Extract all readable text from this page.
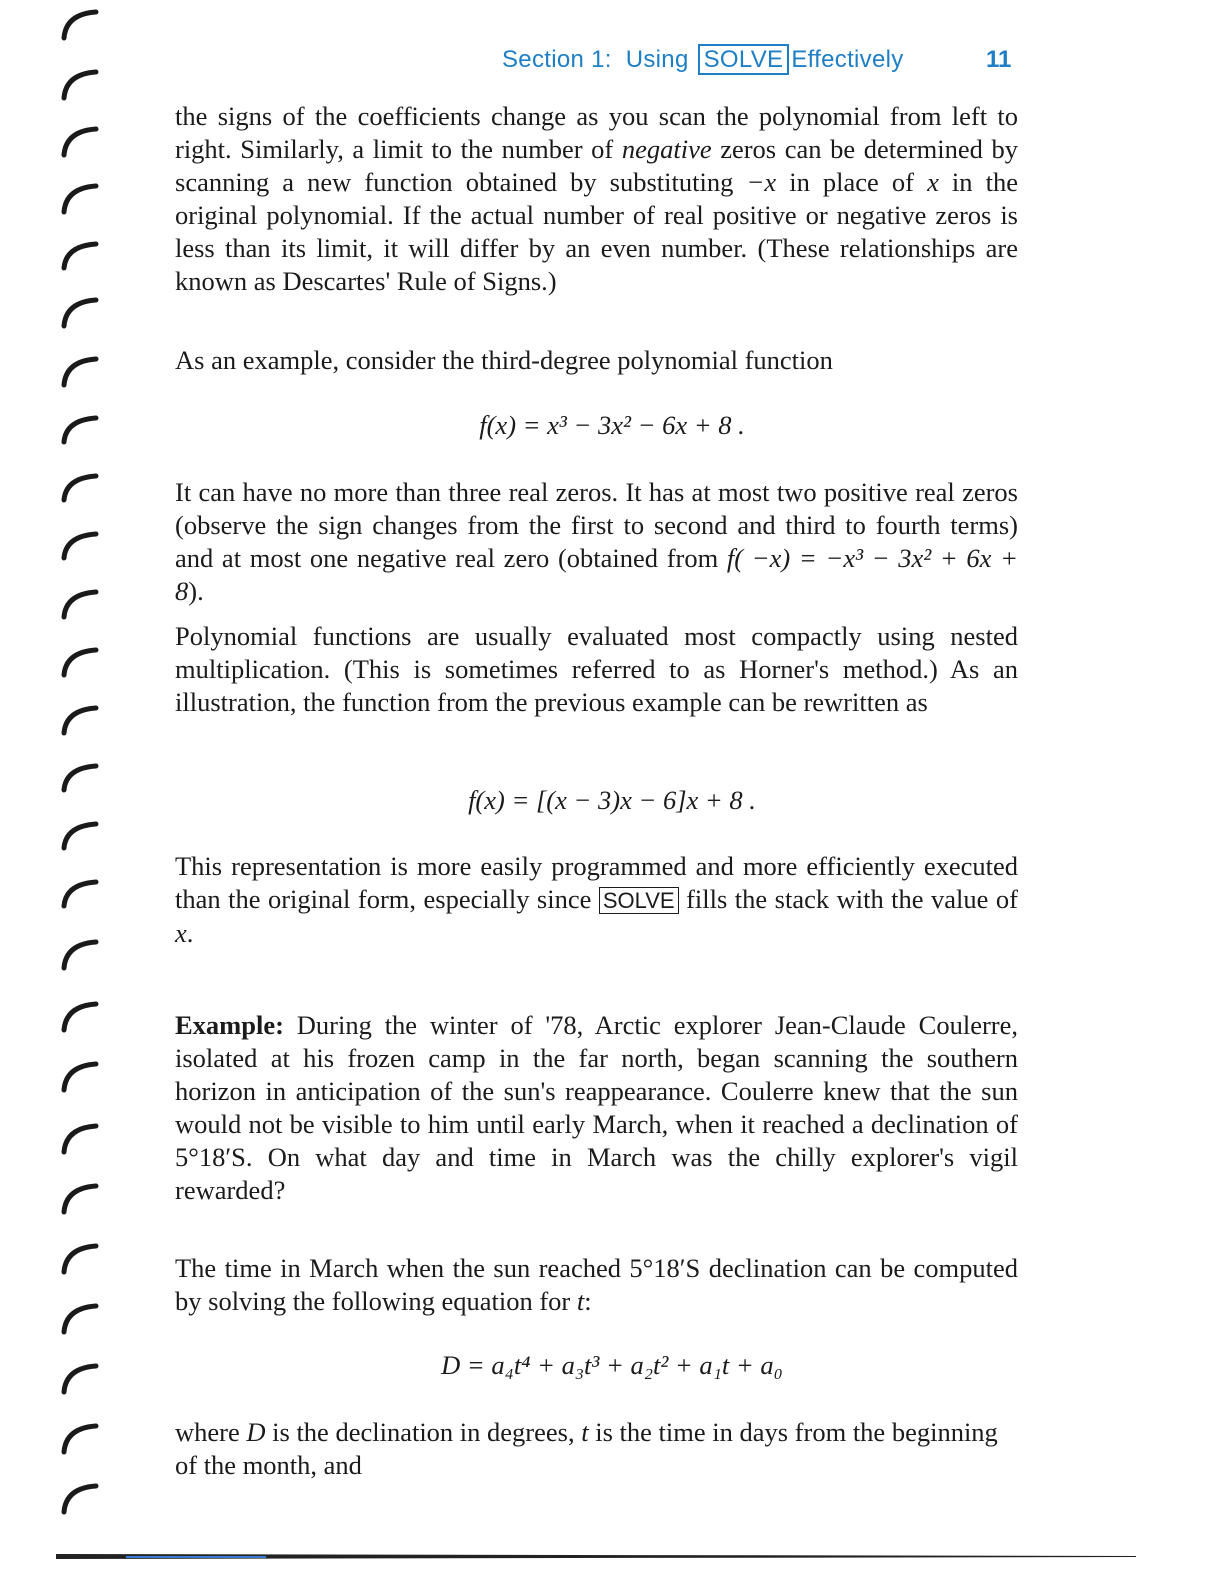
Section 1: Using SOLVE Effectively	11

the signs of the coefficients change as you scan the polynomial from left to right. Similarly, a limit to the number of negative zeros can be determined by scanning a new function obtained by substituting −x in place of x in the original polynomial. If the actual number of real positive or negative zeros is less than its limit, it will differ by an even number. (These relationships are known as Descartes' Rule of Signs.)

As an example, consider the third-degree polynomial function

f(x) = x³ − 3x² − 6x + 8 .

It can have no more than three real zeros. It has at most two positive real zeros (observe the sign changes from the first to second and third to fourth terms) and at most one negative real zero (obtained from f( −x) = −x³ − 3x² + 6x + 8).

Polynomial functions are usually evaluated most compactly using nested multiplication. (This is sometimes referred to as Horner's method.) As an illustration, the function from the previous example can be rewritten as

f(x) = [(x − 3)x − 6]x + 8 .

This representation is more easily programmed and more efficiently executed than the original form, especially since SOLVE fills the stack with the value of x.

Example: During the winter of '78, Arctic explorer Jean-Claude Coulerre, isolated at his frozen camp in the far north, began scanning the southern horizon in anticipation of the sun's reappearance. Coulerre knew that the sun would not be visible to him until early March, when it reached a declination of 5°18′S. On what day and time in March was the chilly explorer's vigil rewarded?

The time in March when the sun reached 5°18′S declination can be computed by solving the following equation for t:

D = a₄t⁴ + a₃t³ + a₂t² + a₁t + a₀

where D is the declination in degrees, t is the time in days from the beginning of the month, and
